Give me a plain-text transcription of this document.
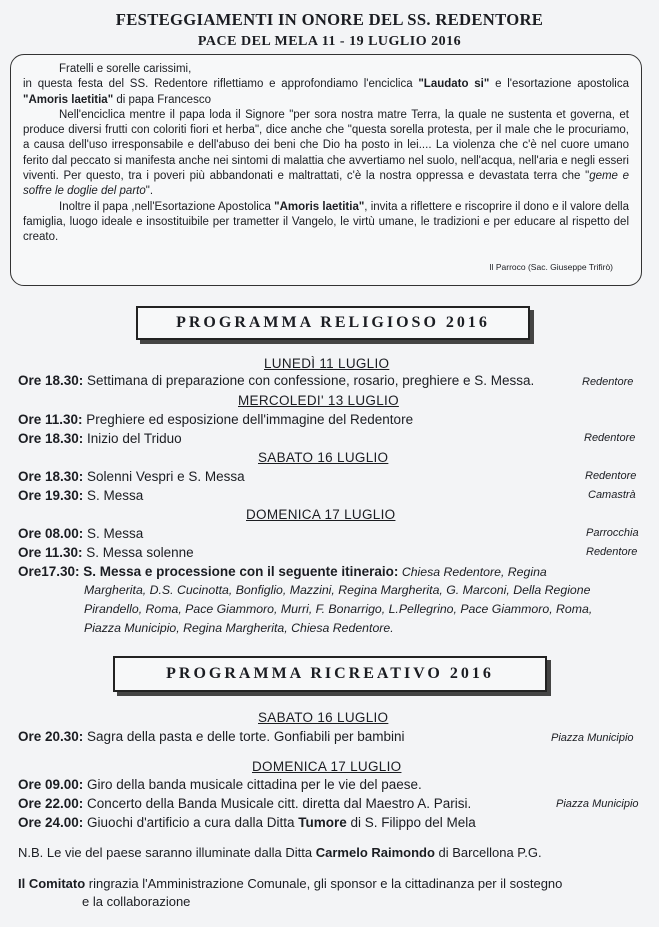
FESTEGGIAMENTI IN ONORE DEL SS. REDENTORE
PACE DEL MELA 11 - 19 LUGLIO 2016

Fratelli e sorelle carissimi,

in questa festa del SS. Redentore riflettiamo e approfondiamo l'enciclica "Laudato si" e l'esortazione apostolica "Amoris laetitia" di papa Francesco

Nell'enciclica mentre il papa loda il Signore "per sora nostra matre Terra, la quale ne sustenta et governa, et produce diversi frutti con coloriti fiori et herba", dice anche che "questa sorella protesta, per il male che le procuriamo, a causa dell'uso irresponsabile e dell'abuso dei beni che Dio ha posto in lei.... La violenza che c'è nel cuore umano ferito dal peccato si manifesta anche nei sintomi di malattia che avvertiamo nel suolo, nell'acqua, nell'aria e negli esseri viventi. Per questo, tra i poveri più abbandonati e maltrattati, c'è la nostra oppressa e devastata terra che "geme e soffre le doglie del parto".

Inoltre il papa ,nell'Esortazione Apostolica "Amoris laetitia", invita a riflettere e riscoprire il dono e il valore della famiglia, luogo ideale e insostituibile per trametter il Vangelo, le virtù umane, le tradizioni e per educare al rispetto del creato.

Il Parroco (Sac. Giuseppe Trifirò)
PROGRAMMA RELIGIOSO 2016
LUNEDÌ 11 LUGLIO
Ore 18.30: Settimana di preparazione con confessione, rosario, preghiere e S. Messa.	Redentore
MERCOLEDI' 13 LUGLIO
Ore 11.30: Preghiere ed esposizione dell'immagine del Redentore
Ore 18.30: Inizio del Triduo	Redentore
SABATO 16 LUGLIO
Ore 18.30: Solenni Vespri e S. Messa	Redentore
Ore 19.30: S. Messa	Camastrà
DOMENICA 17 LUGLIO
Ore 08.00: S. Messa	Parrocchia
Ore 11.30: S. Messa solenne	Redentore
Ore17.30: S. Messa e processione con il seguente itineraio: Chiesa Redentore, Regina
Margherita, D.S. Cucinotta, Bonfiglio, Mazzini, Regina Margherita, G. Marconi, Della Regione
Pirandello, Roma, Pace Giammoro, Murri, F. Bonarrigo, L.Pellegrino, Pace Giammoro, Roma,
Piazza Municipio, Regina Margherita, Chiesa Redentore.
PROGRAMMA RICREATIVO 2016
SABATO 16 LUGLIO
Ore 20.30: Sagra della pasta e delle torte. Gonfiabili per bambini	Piazza Municipio
DOMENICA 17 LUGLIO
Ore 09.00: Giro della banda musicale cittadina per le vie del paese.
Ore 22.00: Concerto della Banda Musicale citt. diretta dal Maestro A. Parisi.	Piazza Municipio
Ore 24.00: Giuochi d'artificio a cura dalla Ditta Tumore di S. Filippo del Mela
N.B. Le vie del paese saranno illuminate dalla Ditta Carmelo Raimondo di Barcellona P.G.
Il Comitato ringrazia l'Amministrazione Comunale, gli sponsor e la cittadinanza per il sostegno
e la collaborazione
